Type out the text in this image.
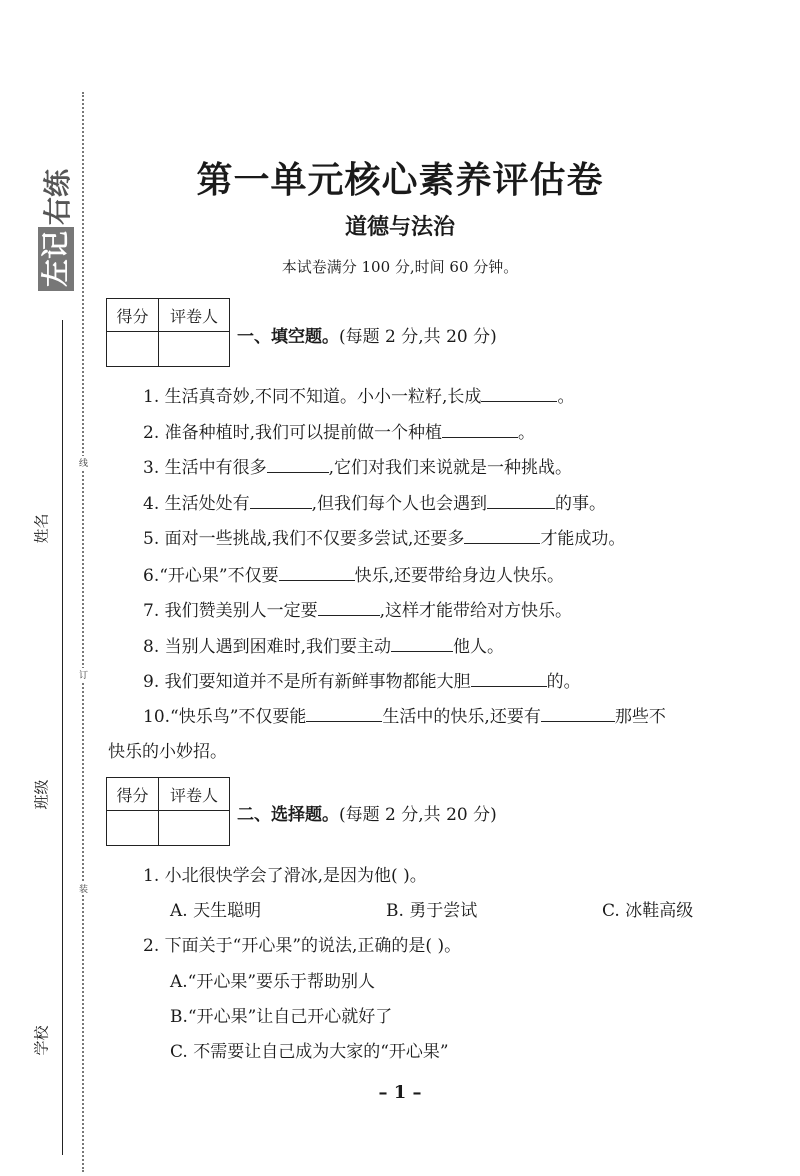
左记
右练
姓名
班级
学校
线
订
装
第一单元核心素养评估卷
道德与法治
本试卷满分 100 分,时间 60 分钟。
得分	评卷人

一、填空题。(每题 2 分,共 20 分)
1. 生活真奇妙,不同不知道。小小一粒籽,长成	。
2. 准备种植时,我们可以提前做一个种植	。
3. 生活中有很多	,它们对我们来说就是一种挑战。
4. 生活处处有	,但我们每个人也会遇到	的事。
5. 面对一些挑战,我们不仅要多尝试,还要多	才能成功。
6.“开心果”不仅要	快乐,还要带给身边人快乐。
7. 我们赞美别人一定要	,这样才能带给对方快乐。
8. 当别人遇到困难时,我们要主动	他人。
9. 我们要知道并不是所有新鲜事物都能大胆	的。
10.“快乐鸟”不仅要能	生活中的快乐,还要有	那些不
快乐的小妙招。
得分	评卷人

二、选择题。(每题 2 分,共 20 分)
1. 小北很快学会了滑冰,是因为他( )。
A. 天生聪明	B. 勇于尝试	C. 冰鞋高级
2. 下面关于“开心果”的说法,正确的是( )。
A.“开心果”要乐于帮助别人
B.“开心果”让自己开心就好了
C. 不需要让自己成为大家的“开心果”
– 1 –
